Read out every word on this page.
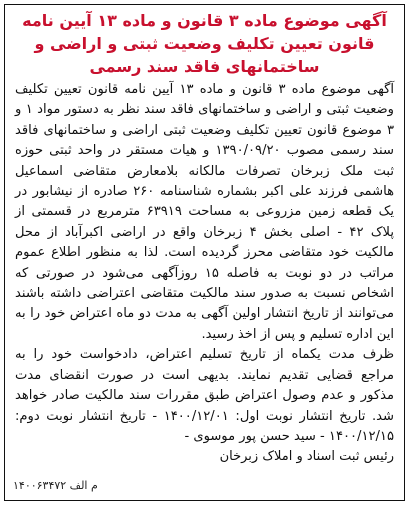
آگهی موضوع ماده ۳ قانون و ماده ۱۳ آیین نامه قانون تعیین تکلیف وضعیت ثبتی و اراضی و ساختمانهای فاقد سند رسمی

آگهی موضوع ماده ۳ قانون و ماده ۱۳ آیین نامه قانون تعیین تکلیف وضعیت ثبتی و اراضی و ساختمانهای فاقد سند نظر به دستور مواد ۱ و ۳ موضوع قانون تعیین تکلیف وضعیت ثبتی اراضی و ساختمانهای فاقد سند رسمی مصوب ۱۳۹۰/۰۹/۲۰ و هیات مستقر در واحد ثبتی حوزه ثبت ملک زبرخان تصرفات مالکانه بلامعارض متقاضی اسماعیل هاشمی فرزند علی اکبر بشماره شناسنامه ۲۶۰ صادره از نیشابور در یک قطعه زمین مزروعی به مساحت ۶۳۹۱۹ مترمربع در قسمتی از پلاک ۴۲ - اصلی بخش ۴ زبرخان واقع در اراضی اکبرآباد از محل مالکیت خود متقاضی محرز گردیده است. لذا به منظور اطلاع عموم مراتب در دو نوبت به فاصله ۱۵ روزآگهی می‌شود در صورتی که اشخاص نسبت به صدور سند مالکیت متقاضی اعتراضی داشته باشند می‌توانند از تاریخ انتشار اولین آگهی به مدت دو ماه اعتراض خود را به این اداره تسلیم و پس از اخذ رسید.

ظرف مدت یکماه از تاریخ تسلیم اعتراض، دادخواست خود را به مراجع قضایی تقدیم نمایند. بدیهی است در صورت انقضای مدت مذکور و عدم وصول اعتراض طبق مقررات سند مالکیت صادر خواهد شد. تاریخ انتشار نوبت اول: ۱۴۰۰/۱۲/۰۱ - تاریخ انتشار نوبت دوم: ۱۴۰۰/۱۲/۱۵ - سید حسن پور موسوی -

رئیس ثبت اسناد و املاک زبرخان
م الف ۱۴۰۰۶۳۴۷۲
